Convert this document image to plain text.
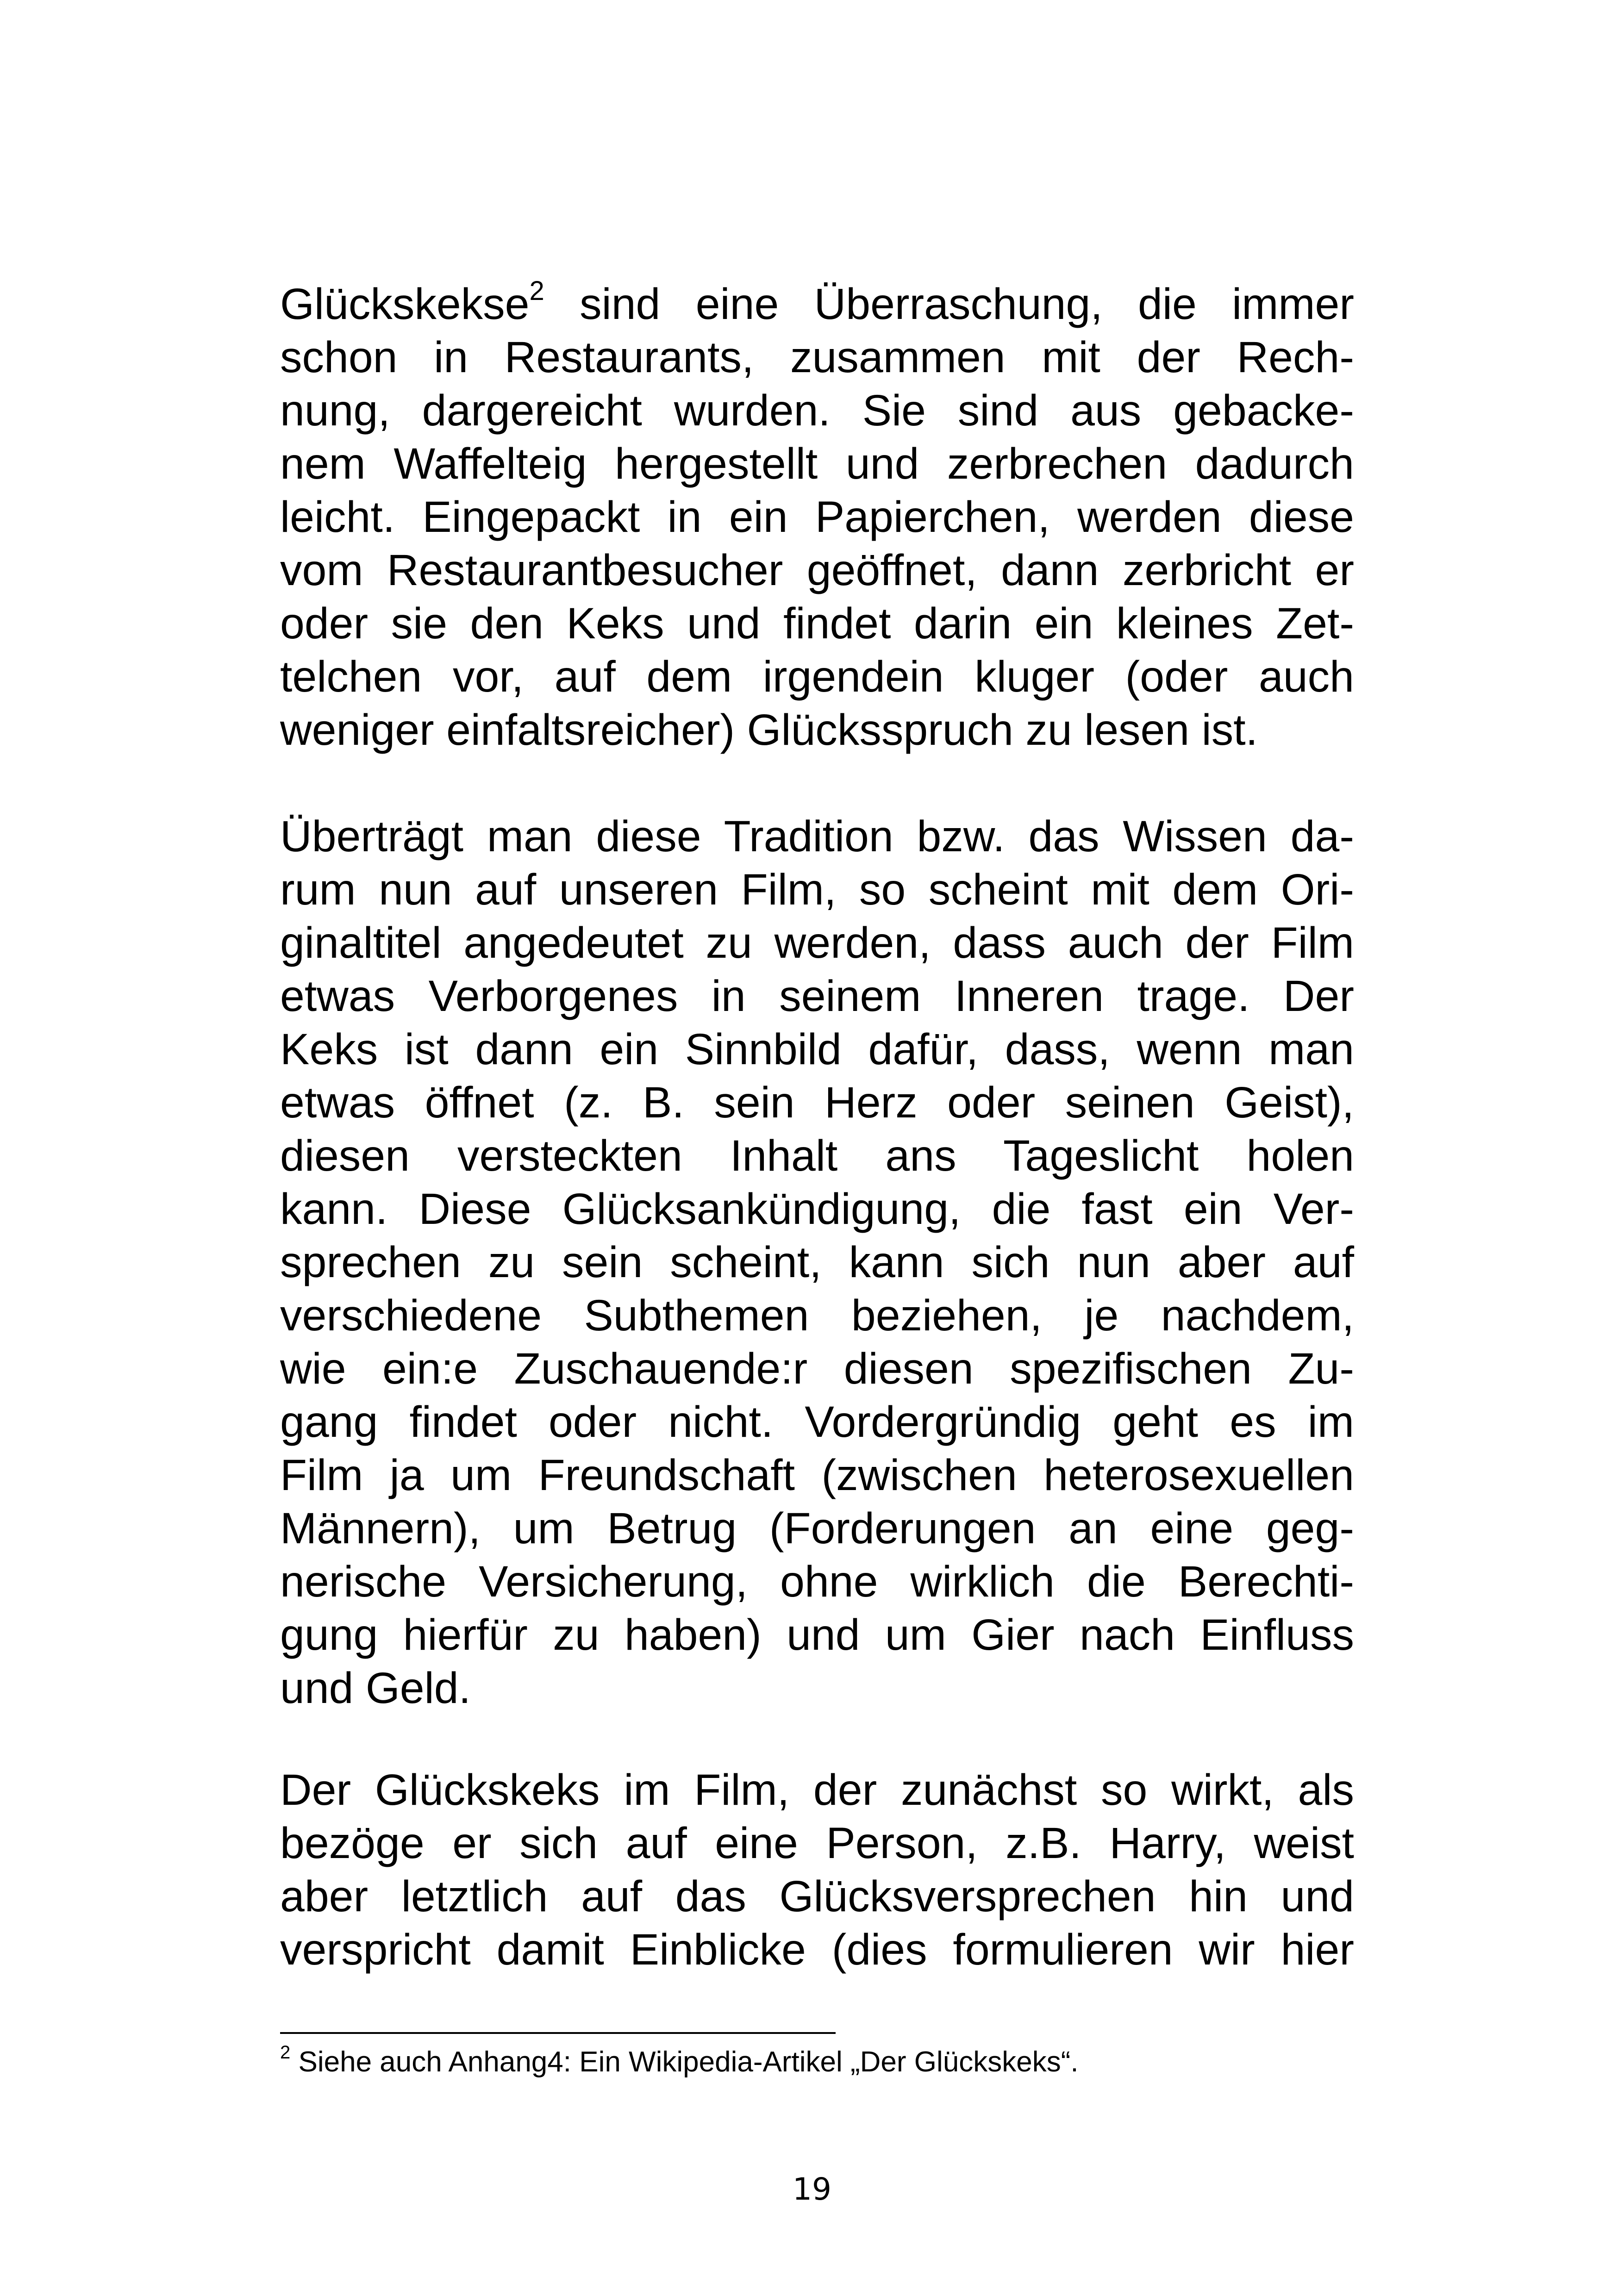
Glückskekse$^2$ sind eine Überraschung, die immer
schon in Restaurants, zusammen mit der Rech-
nung, dargereicht wurden. Sie sind aus gebacke-
nem Waffelteig hergestellt und zerbrechen dadurch
leicht. Eingepackt in ein Papierchen, werden diese
vom Restaurantbesucher geöffnet, dann zerbricht er
oder sie den Keks und findet darin ein kleines Zet-
telchen vor, auf dem irgendein kluger (oder auch
weniger einfaltsreicher) Glücksspruch zu lesen ist.
Überträgt man diese Tradition bzw. das Wissen da-
rum nun auf unseren Film, so scheint mit dem Ori-
ginaltitel angedeutet zu werden, dass auch der Film
etwas Verborgenes in seinem Inneren trage. Der
Keks ist dann ein Sinnbild dafür, dass, wenn man
etwas öffnet (z. B. sein Herz oder seinen Geist),
diesen versteckten Inhalt ans Tageslicht holen
kann. Diese Glücksankündigung, die fast ein Ver-
sprechen zu sein scheint, kann sich nun aber auf
verschiedene Subthemen beziehen, je nachdem,
wie ein:e Zuschauende:r diesen spezifischen Zu-
gang findet oder nicht. Vordergründig geht es im
Film ja um Freundschaft (zwischen heterosexuellen
Männern), um Betrug (Forderungen an eine geg-
nerische Versicherung, ohne wirklich die Berechti-
gung hierfür zu haben) und um Gier nach Einfluss
und Geld.
Der Glückskeks im Film, der zunächst so wirkt, als
bezöge er sich auf eine Person, z.B. Harry, weist
aber letztlich auf das Glücksversprechen hin und
verspricht damit Einblicke (dies formulieren wir hier
$^2$ Siehe auch Anhang4: Ein Wikipedia-Artikel „Der Glückskeks“.
19
